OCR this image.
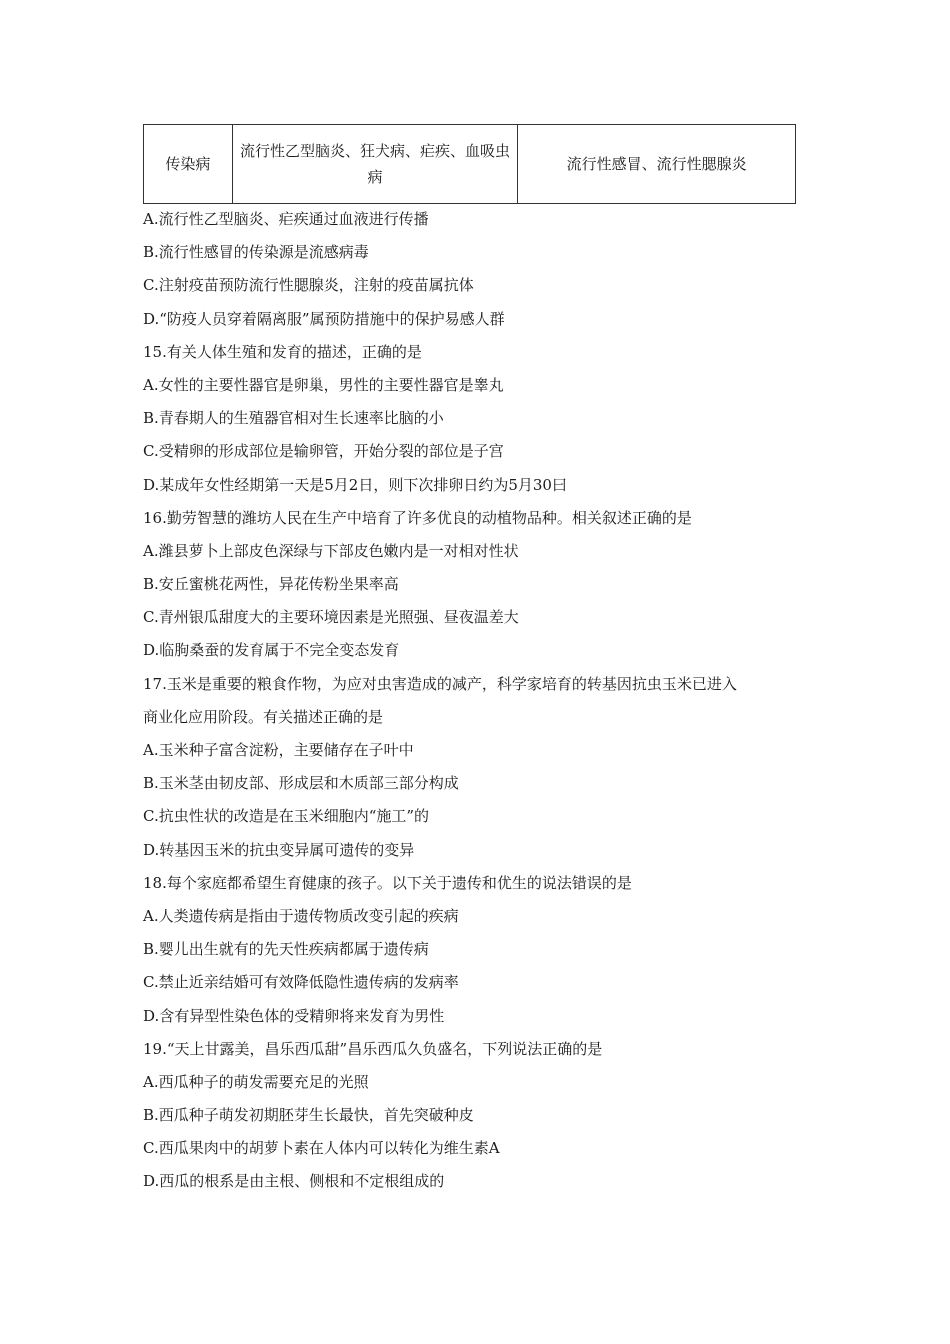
传染病	流行性乙型脑炎、狂犬病、疟疾、血吸虫病	流行性感冒、流行性腮腺炎
A.流行性乙型脑炎、疟疾通过血液进行传播
B.流行性感冒的传染源是流感病毒
C.注射疫苗预防流行性腮腺炎，注射的疫苗属抗体
D.“防疫人员穿着隔离服”属预防措施中的保护易感人群
15.有关人体生殖和发育的描述，正确的是
A.女性的主要性器官是卵巢，男性的主要性器官是睾丸
B.青春期人的生殖器官相对生长速率比脑的小
C.受精卵的形成部位是输卵管，开始分裂的部位是子宫
D.某成年女性经期第一天是5月2日，则下次排卵日约为5月30曰
16.勤劳智慧的潍坊人民在生产中培育了许多优良的动植物品种。相关叙述正确的是
A.潍县萝卜上部皮色深绿与下部皮色嫩内是一对相对性状
B.安丘蜜桃花两性，异花传粉坐果率高
C.青州银瓜甜度大的主要环境因素是光照强、昼夜温差大
D.临朐桑蚕的发育属于不完全变态发育
17.玉米是重要的粮食作物，为应对虫害造成的减产，科学家培育的转基因抗虫玉米已进入
商业化应用阶段。有关描述正确的是
A.玉米种子富含淀粉，主要储存在子叶中
B.玉米茎由韧皮部、形成层和木质部三部分构成
C.抗虫性状的改造是在玉米细胞内“施工”的
D.转基因玉米的抗虫变异属可遗传的变异
18.每个家庭都希望生育健康的孩子。以下关于遗传和优生的说法错误的是
A.人类遗传病是指由于遗传物质改变引起的疾病
B.婴儿出生就有的先天性疾病都属于遗传病
C.禁止近亲结婚可有效降低隐性遗传病的发病率
D.含有异型性染色体的受精卵将来发育为男性
19.“天上甘露美，昌乐西瓜甜”昌乐西瓜久负盛名，下列说法正确的是
A.西瓜种子的萌发需要充足的光照
B.西瓜种子萌发初期胚芽生长最快，首先突破种皮
C.西瓜果肉中的胡萝卜素在人体内可以转化为维生素A
D.西瓜的根系是由主根、侧根和不定根组成的
